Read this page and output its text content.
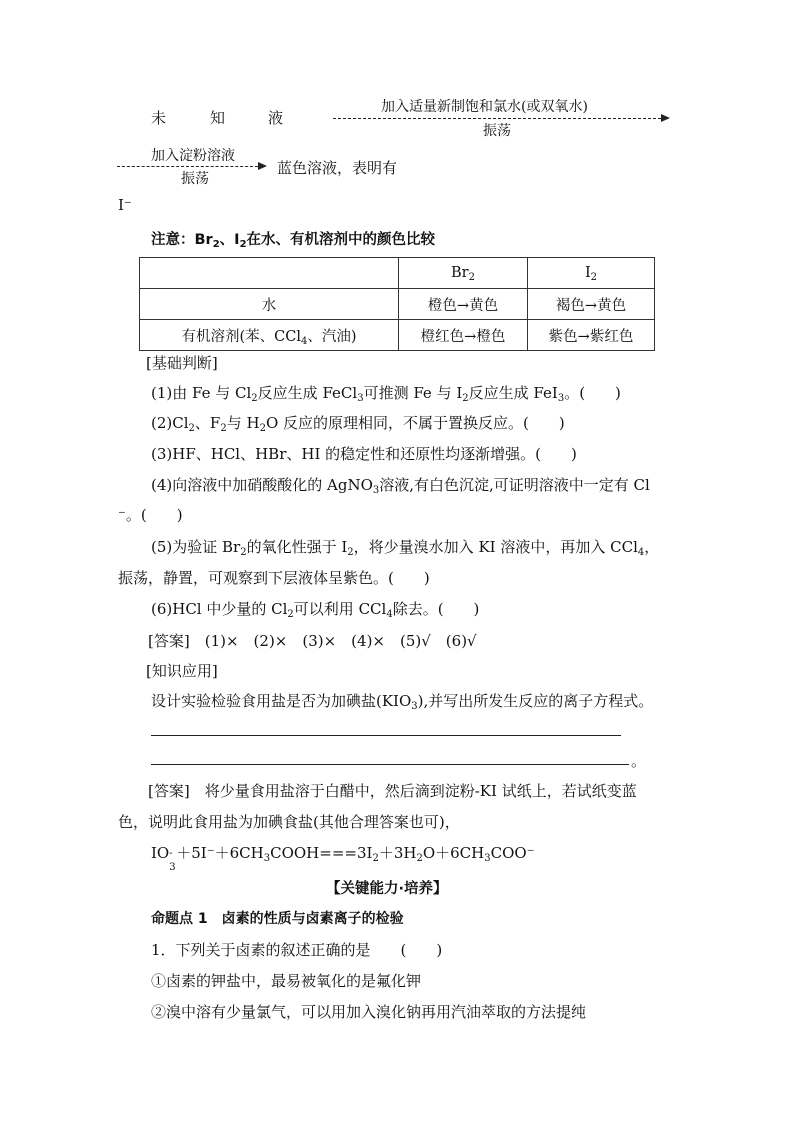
未	知	液
加入适量新制饱和氯水(或双氧水)
振荡
加入淀粉溶液
振荡
蓝色溶液，表明有
I⁻
注意：$Br_2$、$I_2$在水、有机溶剂中的颜色比较
	$Br_2$	$I_2$
水	橙色→黄色	褐色→黄色
有机溶剂(苯、CCl$_4$、汽油)	橙红色→橙色	紫色→紫红色
[基础判断]
(1)由 Fe 与 $Cl_2$反应生成 FeCl$_3$可推测 Fe 与 $I_2$反应生成 FeI$_3$。(　　)
$(2)Cl_2$、$F_2$与 $H_2O$ 反应的原理相同，不属于置换反应。(　　)
(3)HF、HCl、HBr、HI 的稳定性和还原性均逐渐增强。(　　)
(4)向溶液中加硝酸酸化的 AgNO$_3$溶液,有白色沉淀,可证明溶液中一定有 Cl
⁻。(　　)
(5)为验证 $Br_2$的氧化性强于 $I_2$，将少量溴水加入 KI 溶液中，再加入 CCl$_4$，
振荡，静置，可观察到下层液体呈紫色。(　　)
(6)HCl 中少量的 $Cl_2$可以利用 CCl$_4$除去。(　　)
[答案]　 (1)×　(2)×　(3)×　(4)×　(5)√　(6)√
[知识应用]
设计实验检验食用盐是否为加碘盐$(KIO_3)$,并写出所发生反应的离子方程式。
。
[答案]　 将少量食用盐溶于白醋中，然后滴到淀粉-KI 试纸上，若试纸变蓝
色，说明此食用盐为加碘食盐(其他合理答案也可)，
IO -
3
$+5I^-+6CH_3COOH===3I_2+3H_2O+6CH_3COO^-$
【关键能力·培养】
命题点 1　卤素的性质与卤素离子的检验
1．下列关于卤素的叙述正确的是　　(　　)
①卤素的钾盐中，最易被氧化的是氟化钾
②溴中溶有少量氯气，可以用加入溴化钠再用汽油萃取的方法提纯
